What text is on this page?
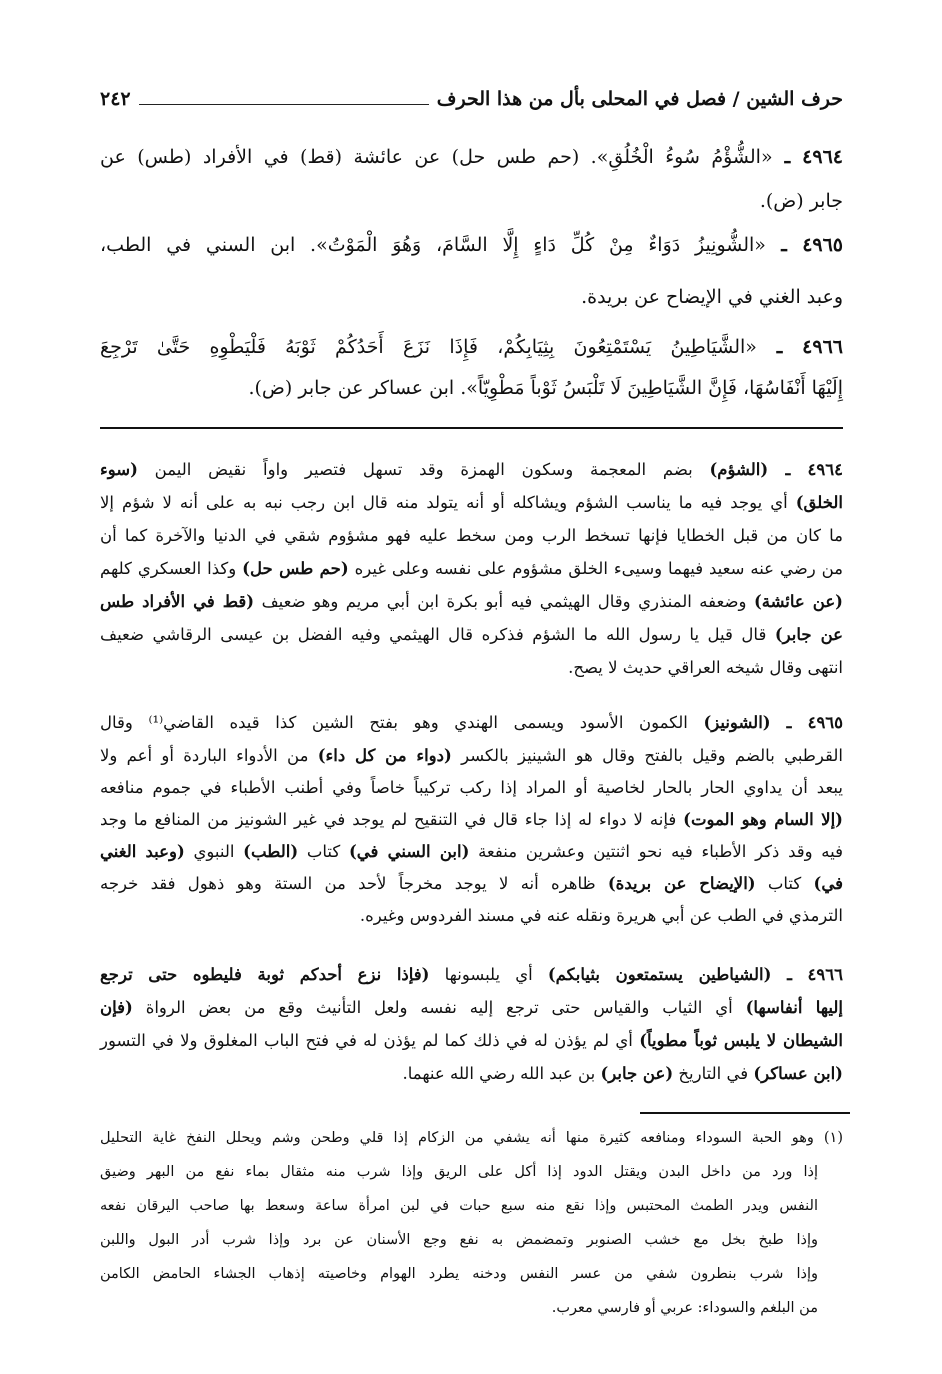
حرف الشين / فصل في المحلى بأل من هذا الحرف
٢٤٢
٤٩٦٤ ـ «الشُّؤْمُ سُوءُ الْخُلُقِ». (حم طس حل) عن عائشة (قط) في الأفراد (طس) عن
جابر (ض).
٤٩٦٥ ـ «الشُّونِيزُ دَوَاءٌ مِنْ كُلِّ دَاءٍ إِلَّا السَّامَ، وَهُوَ الْمَوْتُ». ابن السني في الطب،
وعبد الغني في الإيضاح عن بريدة.
٤٩٦٦ ـ «الشَّيَاطِينُ يَسْتَمْتِعُونَ بِثِيَابِكُمْ، فَإِذَا نَزَعَ أَحَدُكُمْ ثَوْبَهُ فَلْيَطْوِهِ حَتَّىٰ تَرْجِعَ
إِلَيْهَا أَنْفَاسُهَا، فَإِنَّ الشَّيَاطِينَ لَا تَلْبَسُ ثَوْباً مَطْوِيّاً». ابن عساكر عن جابر (ض).
٤٩٦٤ ـ (الشؤم) بضم المعجمة وسكون الهمزة وقد تسهل فتصير واواً نقيض اليمن (سوء
الخلق) أي يوجد فيه ما يناسب الشؤم ويشاكله أو أنه يتولد منه قال ابن رجب نبه به على أنه لا شؤم إلا
ما كان من قبل الخطايا فإنها تسخط الرب ومن سخط عليه فهو مشؤوم شقي في الدنيا والآخرة كما أن
من رضي عنه سعيد فيهما وسيىء الخلق مشؤوم على نفسه وعلى غيره (حم طس حل) وكذا العسكري كلهم
(عن عائشة) وضعفه المنذري وقال الهيثمي فيه أبو بكرة ابن أبي مريم وهو ضعيف (قط في الأفراد طس
عن جابر) قال قيل يا رسول الله ما الشؤم فذكره قال الهيثمي وفيه الفضل بن عيسى الرقاشي ضعيف
انتهى وقال شيخه العراقي حديث لا يصح.
٤٩٦٥ ـ (الشونيز) الكمون الأسود ويسمى الهندي وهو بفتح الشين كذا قيده القاضي⁽¹⁾ وقال
القرطبي بالضم وقيل بالفتح وقال هو الشينيز بالكسر (دواء من كل داء) من الأدواء الباردة أو أعم ولا
يبعد أن يداوي الحار بالحار لخاصية أو المراد إذا ركب تركيباً خاصاً وفي أطنب الأطباء في جموم منافعه
(إلا السام وهو الموت) فإنه لا دواء له إذا جاء قال في التنقيح لم يوجد في غير الشونيز من المنافع ما وجد
فيه وقد ذكر الأطباء فيه نحو اثنتين وعشرين منفعة (ابن السني في) كتاب (الطب) النبوي (وعبد الغني
في) كتاب (الإيضاح عن بريدة) ظاهره أنه لا يوجد مخرجاً لأحد من الستة وهو ذهول فقد خرجه
الترمذي في الطب عن أبي هريرة ونقله عنه في مسند الفردوس وغيره.
٤٩٦٦ ـ (الشياطين يستمتعون بثيابكم) أي يلبسونها (فإذا نزع أحدكم ثوبة فليطوه حتى ترجع
إليها أنفاسها) أي الثياب والقياس حتى ترجع إليه نفسه ولعل التأنيث وقع من بعض الرواة (فإن
الشيطان لا يلبس ثوباً مطوياً) أي لم يؤذن له في ذلك كما لم يؤذن له في فتح الباب المغلوق ولا في التسور
(ابن عساكر) في التاريخ (عن جابر) بن عبد الله رضي الله عنهما.
(١) وهو الحبة السوداء ومنافعه كثيرة منها أنه يشفي من الزكام إذا قلي وطحن وشم ويحلل النفخ غاية التحليل
إذا ورد من داخل البدن ويقتل الدود إذا أكل على الريق وإذا شرب منه مثقال بماء نفع من البهر وضيق
النفس ويدر الطمث المحتبس وإذا نقع منه سبع حبات في لبن امرأة ساعة وسعط بها صاحب اليرقان نفعه
وإذا طبخ بخل مع خشب الصنوبر وتمضمض به نفع وجع الأسنان عن برد وإذا شرب أدر البول واللبن
وإذا شرب بنطرون شفي من عسر النفس ودخنه يطرد الهوام وخاصيته إذهاب الجشاء الحامض الكامن
من البلغم والسوداء: عربي أو فارسي معرب.
